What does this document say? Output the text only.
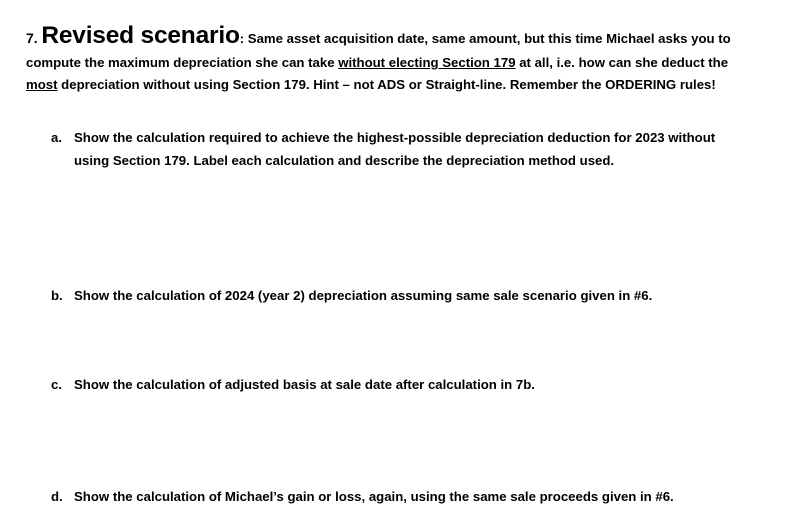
7. Revised scenario: Same asset acquisition date, same amount, but this time Michael asks you to
compute the maximum depreciation she can take without electing Section 179 at all, i.e. how can she deduct the
most depreciation without using Section 179. Hint – not ADS or Straight-line. Remember the ORDERING rules!
a. Show the calculation required to achieve the highest-possible depreciation deduction for 2023 without
using Section 179. Label each calculation and describe the depreciation method used.
b. Show the calculation of 2024 (year 2) depreciation assuming same sale scenario given in #6.
c. Show the calculation of adjusted basis at sale date after calculation in 7b.
d. Show the calculation of Michael’s gain or loss, again, using the same sale proceeds given in #6.
